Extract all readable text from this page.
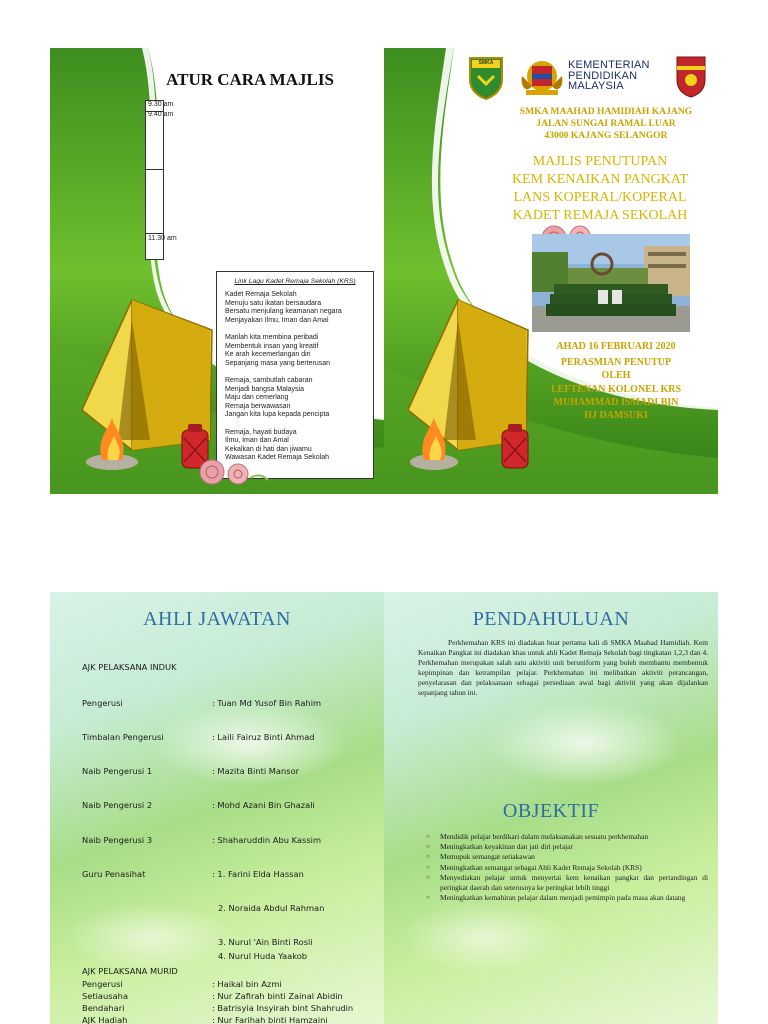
ATUR CARA MAJLIS
9.30 am
9.40 am
11.30 am
Link Lagu Kadet Remaja Sekolah (KRS)
Kadet Remaja Sekolah
Menuju satu ikatan bersaudara
Bersatu menjulang keamanan negara
Menjayakan Ilmu, Iman dan Amal
Marilah kita membina peribadi
Membentuk insan yang kreatif
Ke arah kecemerlangan diri
Sepanjang masa yang berterusan
Remaja, sambutlah cabaran
Menjadi bangsa Malaysia
Maju dan cemerlang
Remaja berwawasan
Jangan kita lupa kepada pencipta
Remaja, hayati budaya
Ilmu, Iman dan Amal
Kekalkan di hati dan jiwamu
Wawasan Kadet Remaja Sekolah
SMKA	KEMENTERIAN
PENDIDIKAN
MALAYSIA
SMKA MAAHAD HAMIDIAH KAJANG
JALAN SUNGAI RAMAL LUAR
43000 KAJANG SELANGOR
MAJLIS PENUTUPAN
KEM KENAIKAN PANGKAT
LANS KOPERAL/KOPERAL
KADET REMAJA SEKOLAH
AHAD 16 FEBRUARI 2020
PERASMIAN PENUTUP
OLEH
LEFTENAN KOLONEL KRS
MUHAMMAD ISMADI BIN
HJ DAMSUKI
AHLI JAWATAN
AJK PELAKSANA INDUK
Pengerusi	: Tuan Md Yusof Bin Rahim
Timbalan Pengerusi	: Laili Fairuz Binti Ahmad
Naib Pengerusi 1	: Mazita Binti Mansor
Naib Pengerusi 2	: Mohd Azani Bin Ghazali
Naib Pengerusi 3	: Shaharuddin Abu Kassim
Guru Penasihat	: 1. Farini Elda Hassan
2. Noraida Abdul Rahman
3. Nurul 'Ain Binti Rosli
4. Nurul Huda Yaakob
AJK PELAKSANA MURID
Pengerusi	: Haikal bin Azmi
Setiausaha	: Nur Zafirah binti Zainal Abidin
Bendahari	: Batrisyia Insyirah bint Shahrudin
AJK Hadiah	: Nur Farihah binti Hamzaini
PENDAHULUAN
Perkhemahan KRS ini diadakan buat pertama kali di SMKA Maahad Hamidiah. Kem Kenaikan Pangkat ini diadakan khas untuk ahli Kadet Remaja Sekolah bagi tingkatan 1,2,3 dan 4. Perkhemahan merupakan salah satu aktiviti unit beruniform yang boleh membantu membentuk kepimpinan dan ketrampilan pelajar. Perkhemahan ini melibatkan aktiviti perancangan, penyelarasan dan pelaksanaan sebagai persediaan awal bagi aktiviti yang akan dijalankan sepanjang tahun ini.
OBJEKTIF
○ Mendidik pelajar berdikari dalam melaksanakan sesuatu perkhemahan
○ Meningkatkan keyakinan dan jati diri pelajar
○ Memupuk semangat setiakawan
○ Meningkatkan semangat sebagai Ahli Kadet Remaja Sekolah (KRS)
○ Menyediakan pelajar untuk menyertai kem kenaikan pangkat dan pertandingan di peringkat daerah dan seterusnya ke peringkat lebih tinggi
○ Meningkatkan kemahiran pelajar dalam menjadi pemimpin pada masa akan datang
